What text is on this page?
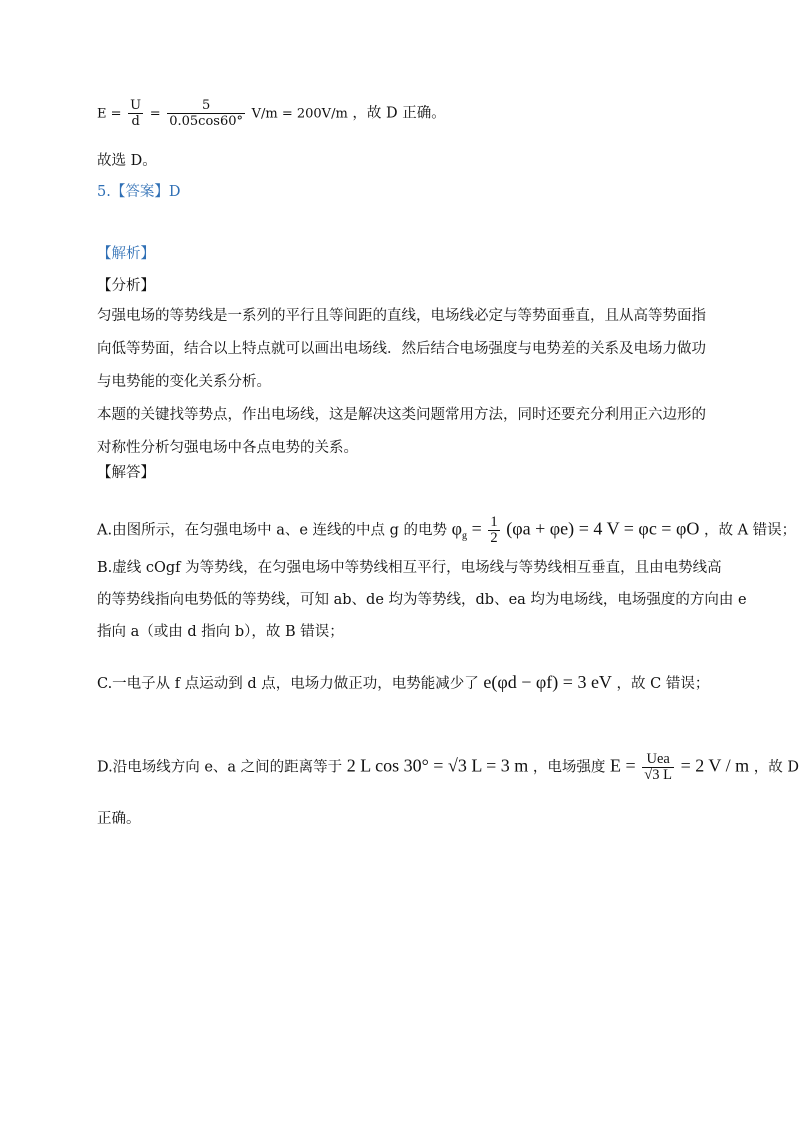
$E = \frac{U}{d} = \frac{5}{0.05\cos 60^\circ} V/m = 200V/m$ ，故 D 正确。
故选 D。
5.【答案】D
【解析】
【分析】
匀强电场的等势线是一系列的平行且等间距的直线，电场线必定与等势面垂直，且从高等势面指向低等势面，结合以上特点就可以画出电场线．然后结合电场强度与电势差的关系及电场力做功与电势能的变化关系分析。
本题的关键找等势点，作出电场线，这是解决这类问题常用方法，同时还要充分利用正六边形的对称性分析匀强电场中各点电势的关系。
【解答】
A.由图所示，在匀强电场中 a、e 连线的中点 g 的电势 $\varphi_g = \frac{1}{2} (\varphi a + \varphi e) = 4$ V = φc = φO ，故 A 错误；
B.虚线 cOgf 为等势线，在匀强电场中等势线相互平行，电场线与等势线相互垂直，且由电势线高
的等势线指向电势低的等势线，可知 ab、de 均为等势线，db、ea 均为电场线，电场强度的方向由 e
指向 a（或由 d 指向 b），故 B 错误；
C.一电子从 f 点运动到 d 点，电场力做正功，电势能减少了 e(φd − φf) = 3 eV ，故 C 错误；
D.沿电场线方向 e、a 之间的距离等于 2 L cos 30° = √3 L = 3 m ，电场强度 $E = \frac{\text{Uea}}{√3 L} = 2$ V / m ，故 D
正确。
